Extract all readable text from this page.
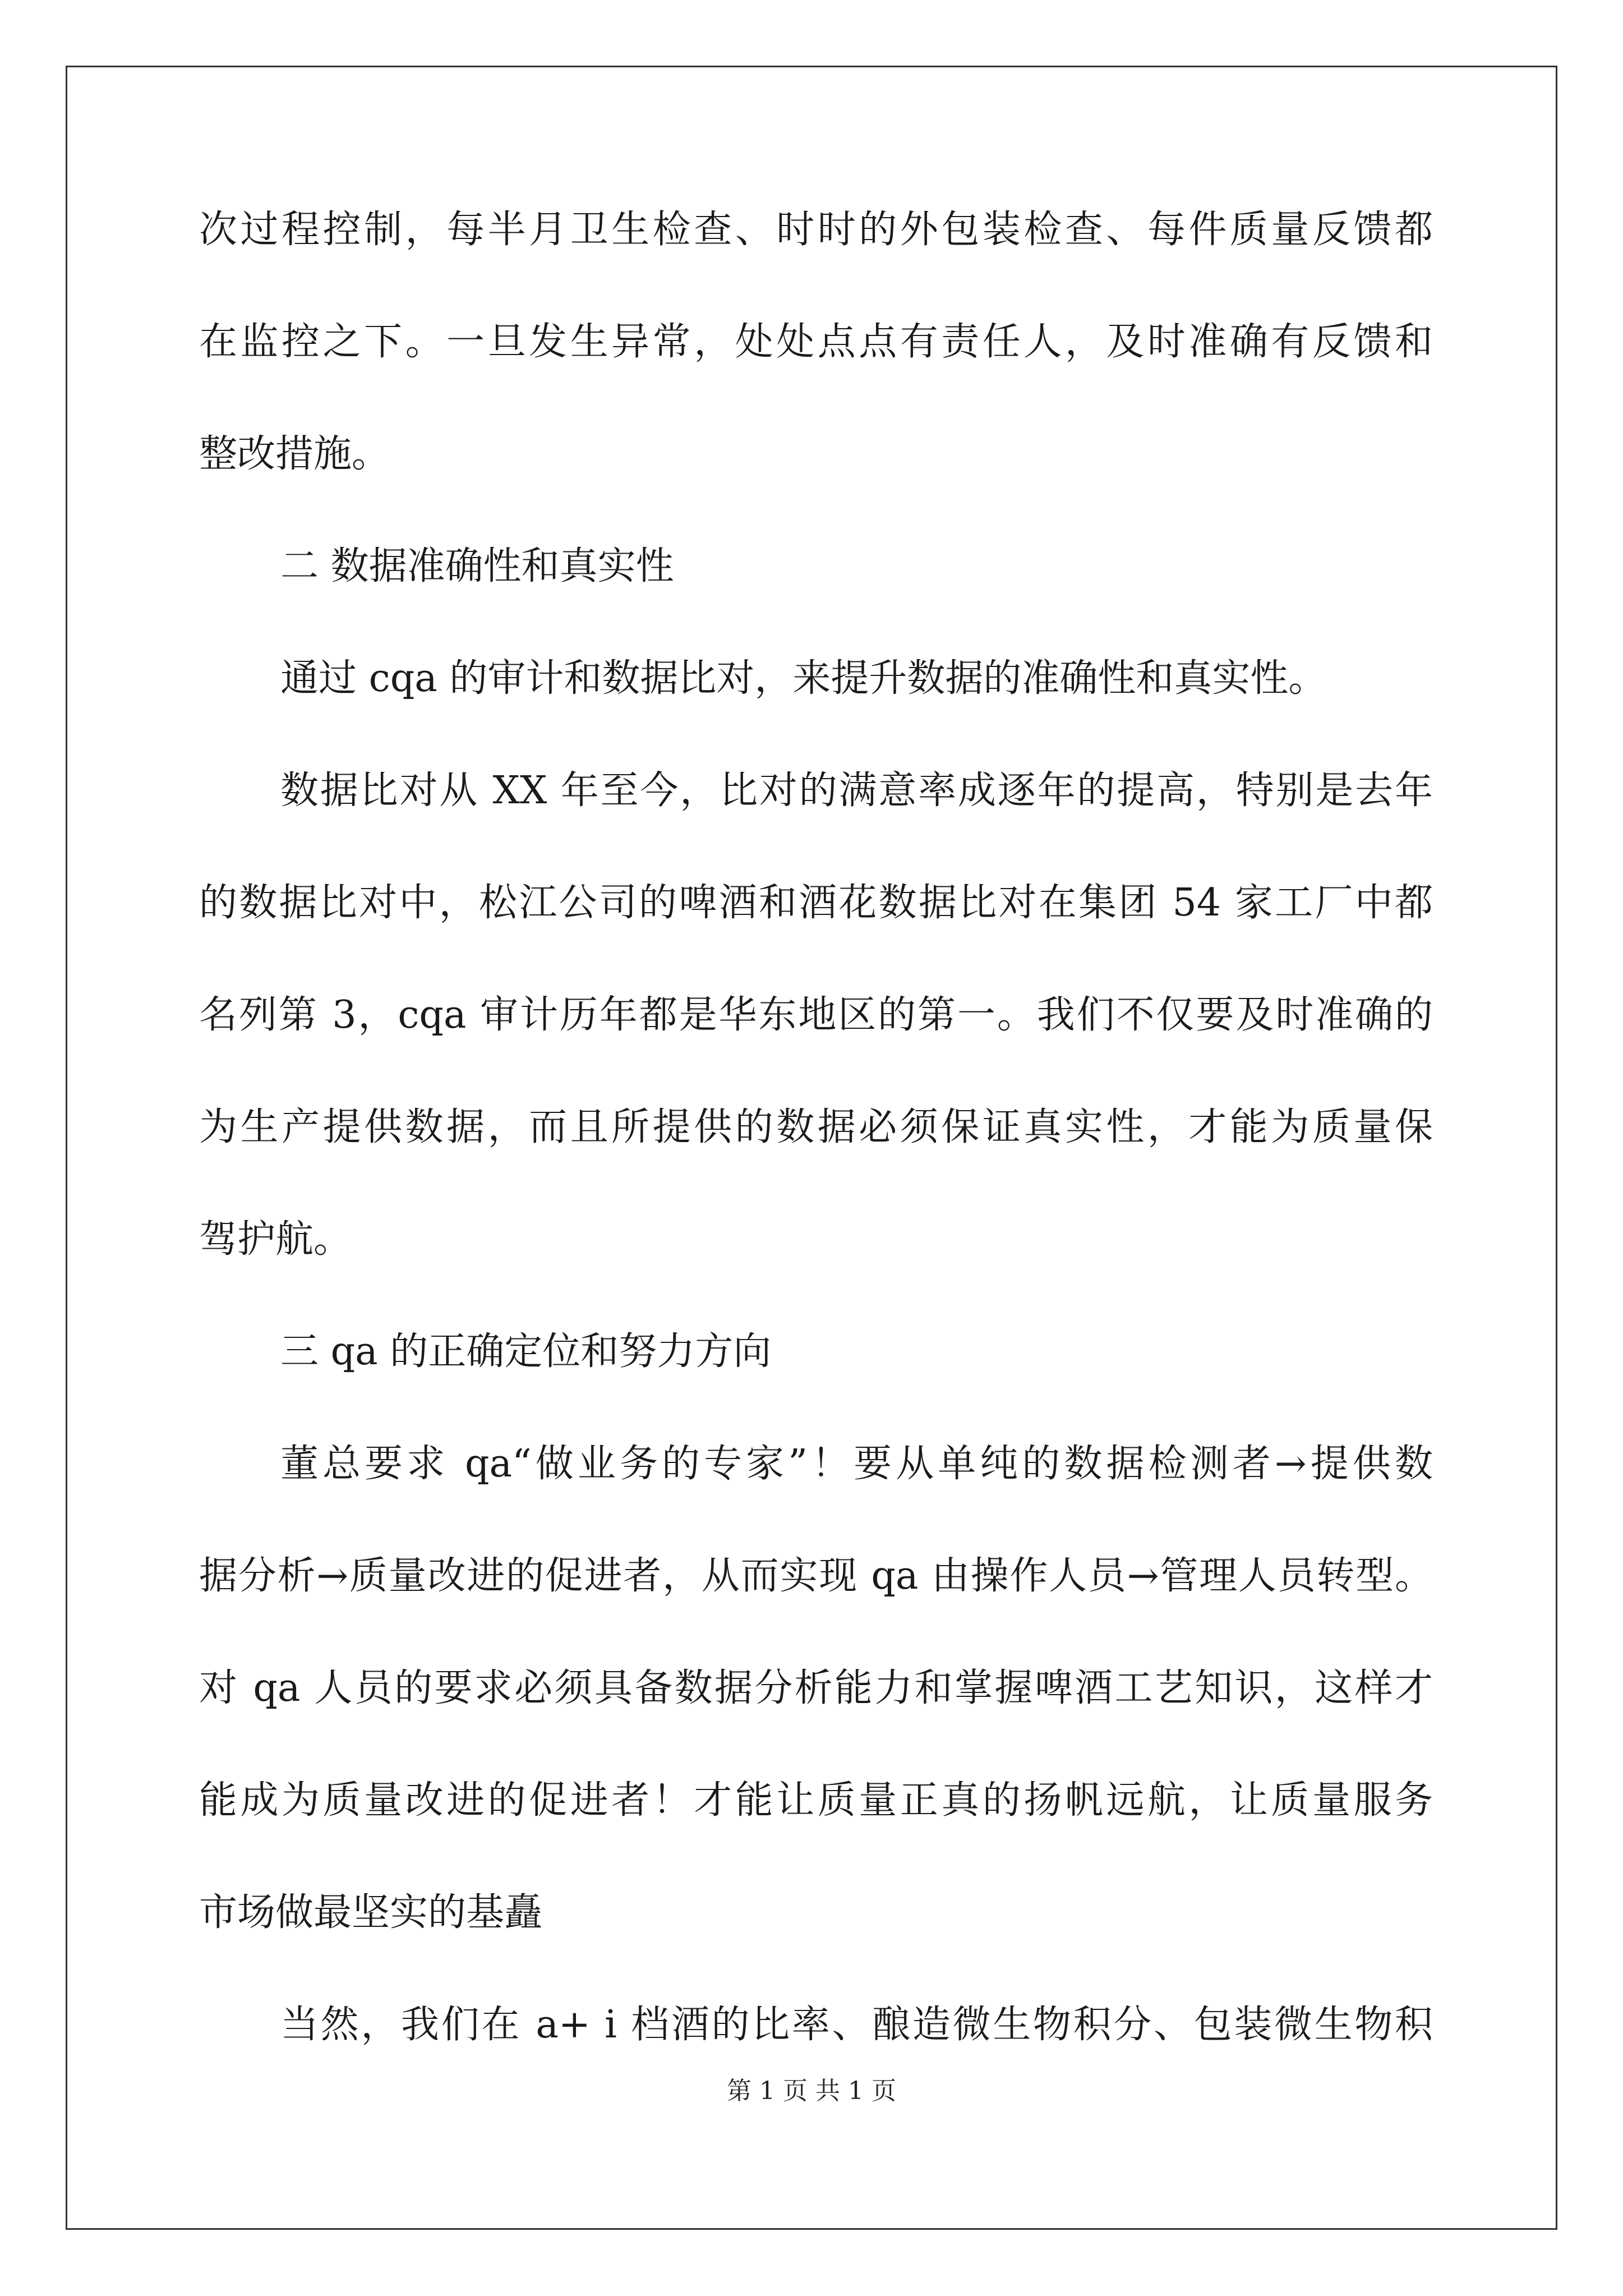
次过程控制，每半月卫生检查、时时的外包装检查、每件质量反馈都
在监控之下。一旦发生异常，处处点点有责任人，及时准确有反馈和
整改措施。
二 数据准确性和真实性
通过 cqa 的审计和数据比对，来提升数据的准确性和真实性。
数据比对从 XX 年至今，比对的满意率成逐年的提高，特别是去年
的数据比对中，松江公司的啤酒和酒花数据比对在集团 54 家工厂中都
名列第 3，cqa 审计历年都是华东地区的第一。我们不仅要及时准确的
为生产提供数据，而且所提供的数据必须保证真实性，才能为质量保
驾护航。
三 qa 的正确定位和努力方向
董总要求 qa“做业务的专家”！要从单纯的数据检测者→提供数
据分析→质量改进的促进者，从而实现 qa 由操作人员→管理人员转型。
对 qa 人员的要求必须具备数据分析能力和掌握啤酒工艺知识，这样才
能成为质量改进的促进者！才能让质量正真的扬帆远航，让质量服务
市场做最坚实的基矗
当然，我们在 a+ i 档酒的比率、酿造微生物积分、包装微生物积
第 1 页 共 1 页
